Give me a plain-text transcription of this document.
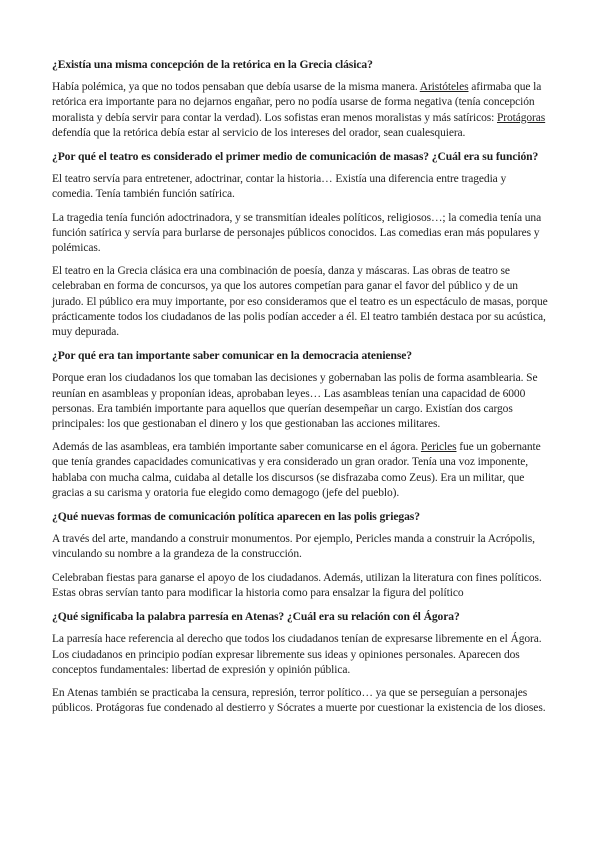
¿Existía una misma concepción de la retórica en la Grecia clásica?

Había polémica, ya que no todos pensaban que debía usarse de la misma manera. Aristóteles afirmaba que la retórica era importante para no dejarnos engañar, pero no podía usarse de forma negativa (tenía concepción moralista y debía servir para contar la verdad). Los sofistas eran menos moralistas y más satíricos: Protágoras defendía que la retórica debía estar al servicio de los intereses del orador, sean cualesquiera.

¿Por qué el teatro es considerado el primer medio de comunicación de masas? ¿Cuál era su función?

El teatro servía para entretener, adoctrinar, contar la historia… Existía una diferencia entre tragedia y comedia. Tenía también función satírica.

La tragedia tenía función adoctrinadora, y se transmitían ideales políticos, religiosos…; la comedia tenía una función satírica y servía para burlarse de personajes públicos conocidos. Las comedias eran más populares y polémicas.

El teatro en la Grecia clásica era una combinación de poesía, danza y máscaras. Las obras de teatro se celebraban en forma de concursos, ya que los autores competían para ganar el favor del público y de un jurado. El público era muy importante, por eso consideramos que el teatro es un espectáculo de masas, porque prácticamente todos los ciudadanos de las polis podían acceder a él. El teatro también destaca por su acústica, muy depurada.

¿Por qué era tan importante saber comunicar en la democracia ateniense?

Porque eran los ciudadanos los que tomaban las decisiones y gobernaban las polis de forma asamblearia. Se reunían en asambleas y proponían ideas, aprobaban leyes… Las asambleas tenían una capacidad de 6000 personas. Era también importante para aquellos que querían desempeñar un cargo. Existían dos cargos principales: los que gestionaban el dinero y los que gestionaban las acciones militares.

Además de las asambleas, era también importante saber comunicarse en el ágora. Pericles fue un gobernante que tenía grandes capacidades comunicativas y era considerado un gran orador. Tenía una voz imponente, hablaba con mucha calma, cuidaba al detalle los discursos (se disfrazaba como Zeus). Era un militar, que gracias a su carisma y oratoria fue elegido como demagogo (jefe del pueblo).

¿Qué nuevas formas de comunicación política aparecen en las polis griegas?

A través del arte, mandando a construir monumentos. Por ejemplo, Pericles manda a construir la Acrópolis, vinculando su nombre a la grandeza de la construcción.

Celebraban fiestas para ganarse el apoyo de los ciudadanos. Además, utilizan la literatura con fines políticos. Estas obras servían tanto para modificar la historia como para ensalzar la figura del político

¿Qué significaba la palabra parresía en Atenas? ¿Cuál era su relación con él Ágora?

La parresía hace referencia al derecho que todos los ciudadanos tenían de expresarse libremente en el Ágora. Los ciudadanos en principio podían expresar libremente sus ideas y opiniones personales. Aparecen dos conceptos fundamentales: libertad de expresión y opinión pública.

En Atenas también se practicaba la censura, represión, terror político… ya que se perseguían a personajes públicos. Protágoras fue condenado al destierro y Sócrates a muerte por cuestionar la existencia de los dioses.
